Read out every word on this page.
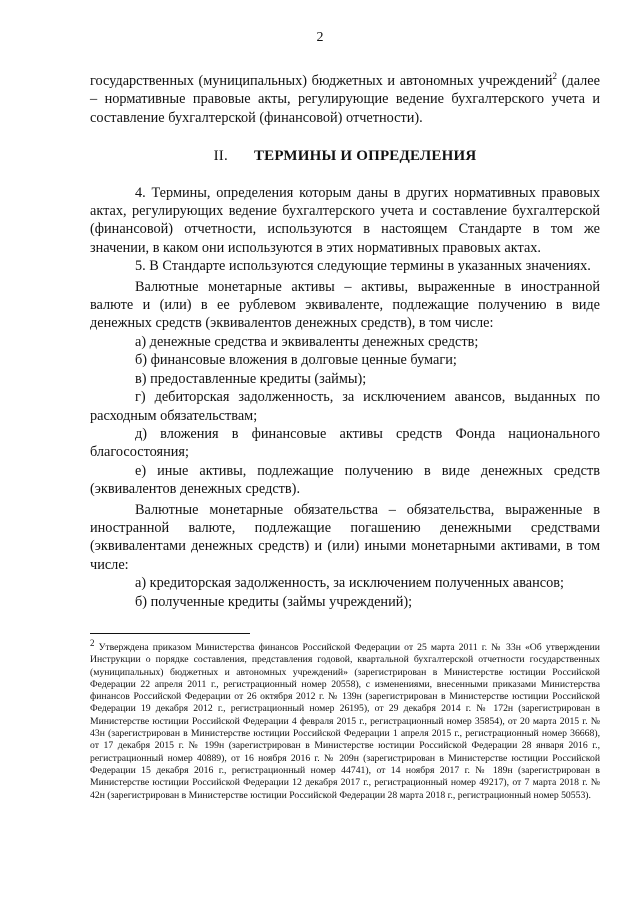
2

государственных (муниципальных) бюджетных и автономных учреждений$^2$ (далее – нормативные правовые акты, регулирующие ведение бухгалтерского учета и составление бухгалтерской (финансовой) отчетности).

II. ТЕРМИНЫ И ОПРЕДЕЛЕНИЯ

4. Термины, определения которым даны в других нормативных правовых актах, регулирующих ведение бухгалтерского учета и составление бухгалтерской (финансовой) отчетности, используются в настоящем Стандарте в том же значении, в каком они используются в этих нормативных правовых актах.

5. В Стандарте используются следующие термины в указанных значениях.

Валютные монетарные активы – активы, выраженные в иностранной валюте и (или) в ее рублевом эквиваленте, подлежащие получению в виде денежных средств (эквивалентов денежных средств), в том числе:

а) денежные средства и эквиваленты денежных средств;

б) финансовые вложения в долговые ценные бумаги;

в) предоставленные кредиты (займы);

г) дебиторская задолженность, за исключением авансов, выданных по расходным обязательствам;

д) вложения в финансовые активы средств Фонда национального благосостояния;

е) иные активы, подлежащие получению в виде денежных средств (эквивалентов денежных средств).

Валютные монетарные обязательства – обязательства, выраженные в иностранной валюте, подлежащие погашению денежными средствами (эквивалентами денежных средств) и (или) иными монетарными активами, в том числе:

а) кредиторская задолженность, за исключением полученных авансов;

б) полученные кредиты (займы учреждений);

$^2$ Утверждена приказом Министерства финансов Российской Федерации от 25 марта 2011 г. № 33н «Об утверждении Инструкции о порядке составления, представления годовой, квартальной бухгалтерской отчетности государственных (муниципальных) бюджетных и автономных учреждений» (зарегистрирован в Министерстве юстиции Российской Федерации 22 апреля 2011 г., регистрационный номер 20558), с изменениями, внесенными приказами Министерства финансов Российской Федерации от 26 октября 2012 г. № 139н (зарегистрирован в Министерстве юстиции Российской Федерации 19 декабря 2012 г., регистрационный номер 26195), от 29 декабря 2014 г. № 172н (зарегистрирован в Министерстве юстиции Российской Федерации 4 февраля 2015 г., регистрационный номер 35854), от 20 марта 2015 г. № 43н (зарегистрирован в Министерстве юстиции Российской Федерации 1 апреля 2015 г., регистрационный номер 36668), от 17 декабря 2015 г. № 199н (зарегистрирован в Министерстве юстиции Российской Федерации 28 января 2016 г., регистрационный номер 40889), от 16 ноября 2016 г. № 209н (зарегистрирован в Министерстве юстиции Российской Федерации 15 декабря 2016 г., регистрационный номер 44741), от 14 ноября 2017 г. № 189н (зарегистрирован в Министерстве юстиции Российской Федерации 12 декабря 2017 г., регистрационный номер 49217), от 7 марта 2018 г. № 42н (зарегистрирован в Министерстве юстиции Российской Федерации 28 марта 2018 г., регистрационный номер 50553).
